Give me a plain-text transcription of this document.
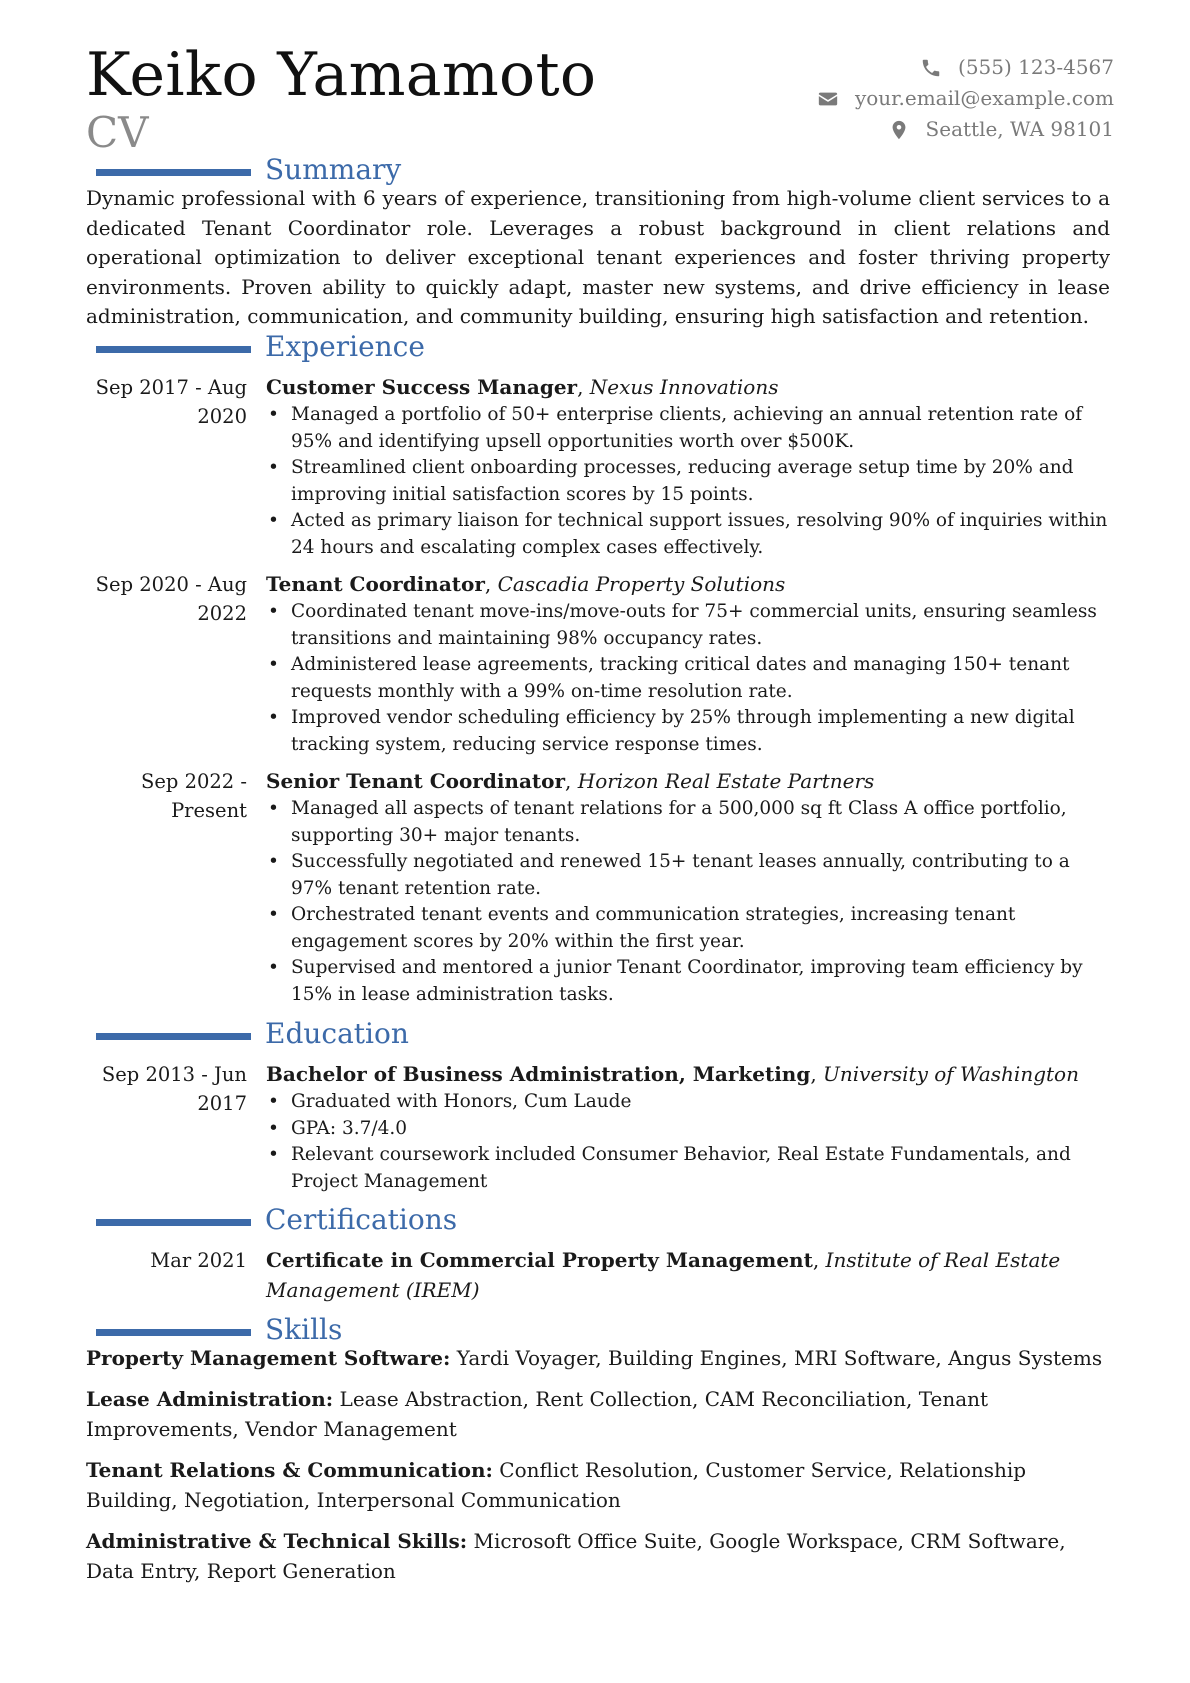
Keiko Yamamoto
CV
(555) 123-4567
your.email@example.com
Seattle, WA 98101
Summary
Dynamic professional with 6 years of experience, transitioning from high-volume client services to a dedicated Tenant Coordinator role. Leverages a robust background in client relations and operational optimization to deliver exceptional tenant experiences and foster thriving property environments. Proven ability to quickly adapt, master new systems, and drive efficiency in lease administration, communication, and community building, ensuring high satisfaction and retention.
Experience
Sep 2017 - Aug 2020
Customer Success Manager, Nexus Innovations
• Managed a portfolio of 50+ enterprise clients, achieving an annual retention rate of 95% and identifying upsell opportunities worth over $500K.
• Streamlined client onboarding processes, reducing average setup time by 20% and improving initial satisfaction scores by 15 points.
• Acted as primary liaison for technical support issues, resolving 90% of inquiries within 24 hours and escalating complex cases effectively.
Sep 2020 - Aug 2022
Tenant Coordinator, Cascadia Property Solutions
• Coordinated tenant move-ins/move-outs for 75+ commercial units, ensuring seamless transitions and maintaining 98% occupancy rates.
• Administered lease agreements, tracking critical dates and managing 150+ tenant requests monthly with a 99% on-time resolution rate.
• Improved vendor scheduling efficiency by 25% through implementing a new digital tracking system, reducing service response times.
Sep 2022 - Present
Senior Tenant Coordinator, Horizon Real Estate Partners
• Managed all aspects of tenant relations for a 500,000 sq ft Class A office portfolio, supporting 30+ major tenants.
• Successfully negotiated and renewed 15+ tenant leases annually, contributing to a 97% tenant retention rate.
• Orchestrated tenant events and communication strategies, increasing tenant engagement scores by 20% within the first year.
• Supervised and mentored a junior Tenant Coordinator, improving team efficiency by 15% in lease administration tasks.
Education
Sep 2013 - Jun 2017
Bachelor of Business Administration, Marketing, University of Washington
• Graduated with Honors, Cum Laude
• GPA: 3.7/4.0
• Relevant coursework included Consumer Behavior, Real Estate Fundamentals, and Project Management
Certifications
Mar 2021 Certificate in Commercial Property Management, Institute of Real Estate Management (IREM)
Skills
Property Management Software: Yardi Voyager, Building Engines, MRI Software, Angus Systems
Lease Administration: Lease Abstraction, Rent Collection, CAM Reconciliation, Tenant Improvements, Vendor Management
Tenant Relations & Communication: Conflict Resolution, Customer Service, Relationship Building, Negotiation, Interpersonal Communication
Administrative & Technical Skills: Microsoft Office Suite, Google Workspace, CRM Software, Data Entry, Report Generation
